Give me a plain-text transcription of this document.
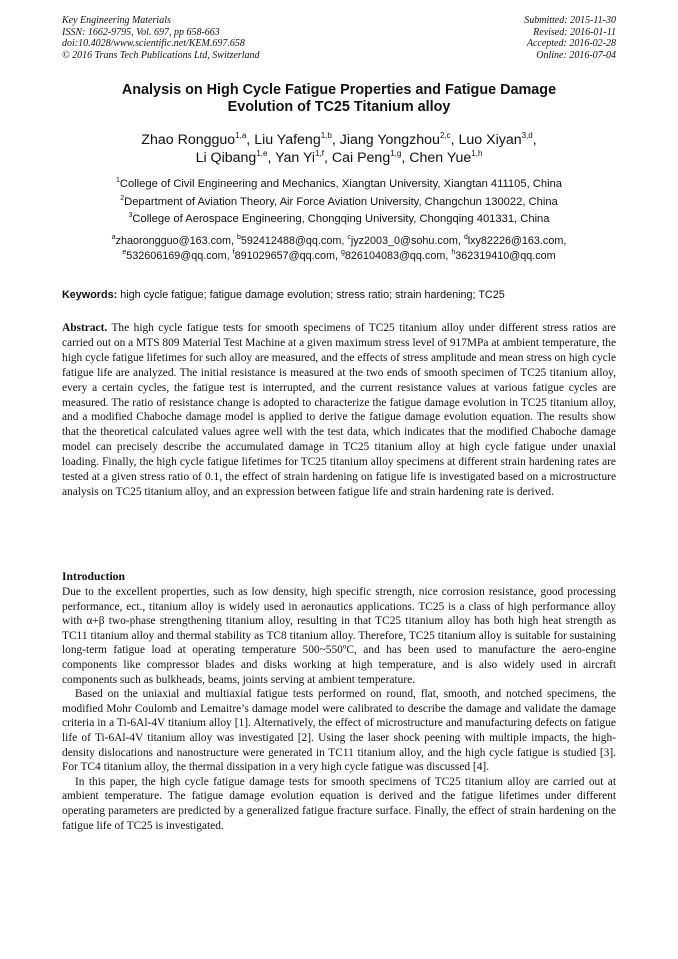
Key Engineering Materials
ISSN: 1662-9795, Vol. 697, pp 658-663
doi:10.4028/www.scientific.net/KEM.697.658
© 2016 Trans Tech Publications Ltd, Switzerland
Submitted: 2015-11-30
Revised: 2016-01-11
Accepted: 2016-02-28
Online: 2016-07-04
Analysis on High Cycle Fatigue Properties and Fatigue Damage
Evolution of TC25 Titanium alloy
Zhao Rongguo$^{1,a}$, Liu Yafeng$^{1,b}$, Jiang Yongzhou$^{2,c}$, Luo Xiyan$^{3,d}$,
Li Qibang$^{1,e}$, Yan Yi$^{1,f}$, Cai Peng$^{1,g}$, Chen Yue$^{1,h}$
$^1$College of Civil Engineering and Mechanics, Xiangtan University, Xiangtan 411105, China
$^2$Department of Aviation Theory, Air Force Aviation University, Changchun 130022, China
$^3$College of Aerospace Engineering, Chongqing University, Chongqing 401331, China
$^a$zhaorongguo@163.com, $^b$592412488@qq.com, $^c$jyz2003_0@sohu.com, $^d$lxy82226@163.com,
$^e$532606169@qq.com, $^f$891029657@qq.com, $^g$826104083@qq.com, $^h$362319410@qq.com
Keywords: high cycle fatigue; fatigue damage evolution; stress ratio; strain hardening; TC25

Abstract. The high cycle fatigue tests for smooth specimens of TC25 titanium alloy under different stress ratios are carried out on a MTS 809 Material Test Machine at a given maximum stress level of 917MPa at ambient temperature, the high cycle fatigue lifetimes for such alloy are measured, and the effects of stress amplitude and mean stress on high cycle fatigue life are analyzed. The initial resistance is measured at the two ends of smooth specimen of TC25 titanium alloy, every a certain cycles, the fatigue test is interrupted, and the current resistance values at various fatigue cycles are measured. The ratio of resistance change is adopted to characterize the fatigue damage evolution in TC25 titanium alloy, and a modified Chaboche damage model is applied to derive the fatigue damage evolution equation. The results show that the theoretical calculated values agree well with the test data, which indicates that the modified Chaboche damage model can precisely describe the accumulated damage in TC25 titanium alloy at high cycle fatigue under unaxial loading. Finally, the high cycle fatigue lifetimes for TC25 titanium alloy specimens at different strain hardening rates are tested at a given stress ratio of 0.1, the effect of strain hardening on fatigue life is investigated based on a microstructure analysis on TC25 titanium alloy, and an expression between fatigue life and strain hardening rate is derived.

Introduction

Due to the excellent properties, such as low density, high specific strength, nice corrosion resistance, good processing performance, ect., titanium alloy is widely used in aeronautics applications. TC25 is a class of high performance alloy with α+β two-phase strengthening titanium alloy, resulting in that TC25 titanium alloy has both high heat strength as TC11 titanium alloy and thermal stability as TC8 titanium alloy. Therefore, TC25 titanium alloy is suitable for sustaining long-term fatigue load at operating temperature 500~550ºC, and has been used to manufacture the aero-engine components like compressor blades and disks working at high temperature, and is also widely used in aircraft components such as bulkheads, beams, joints serving at ambient temperature.

Based on the uniaxial and multiaxial fatigue tests performed on round, flat, smooth, and notched specimens, the modified Mohr Coulomb and Lemaitre’s damage model were calibrated to describe the damage and validate the damage criteria in a Ti-6Al-4V titanium alloy [1]. Alternatively, the effect of microstructure and manufacturing defects on fatigue life of Ti-6Al-4V titanium alloy was investigated [2]. Using the laser shock peening with multiple impacts, the high-density dislocations and nanostructure were generated in TC11 titanium alloy, and the high cycle fatigue is studied [3]. For TC4 titanium alloy, the thermal dissipation in a very high cycle fatigue was discussed [4].

In this paper, the high cycle fatigue damage tests for smooth specimens of TC25 titanium alloy are carried out at ambient temperature. The fatigue damage evolution equation is derived and the fatigue lifetimes under different operating parameters are predicted by a generalized fatigue fracture surface. Finally, the effect of strain hardening on the fatigue life of TC25 is investigated.
